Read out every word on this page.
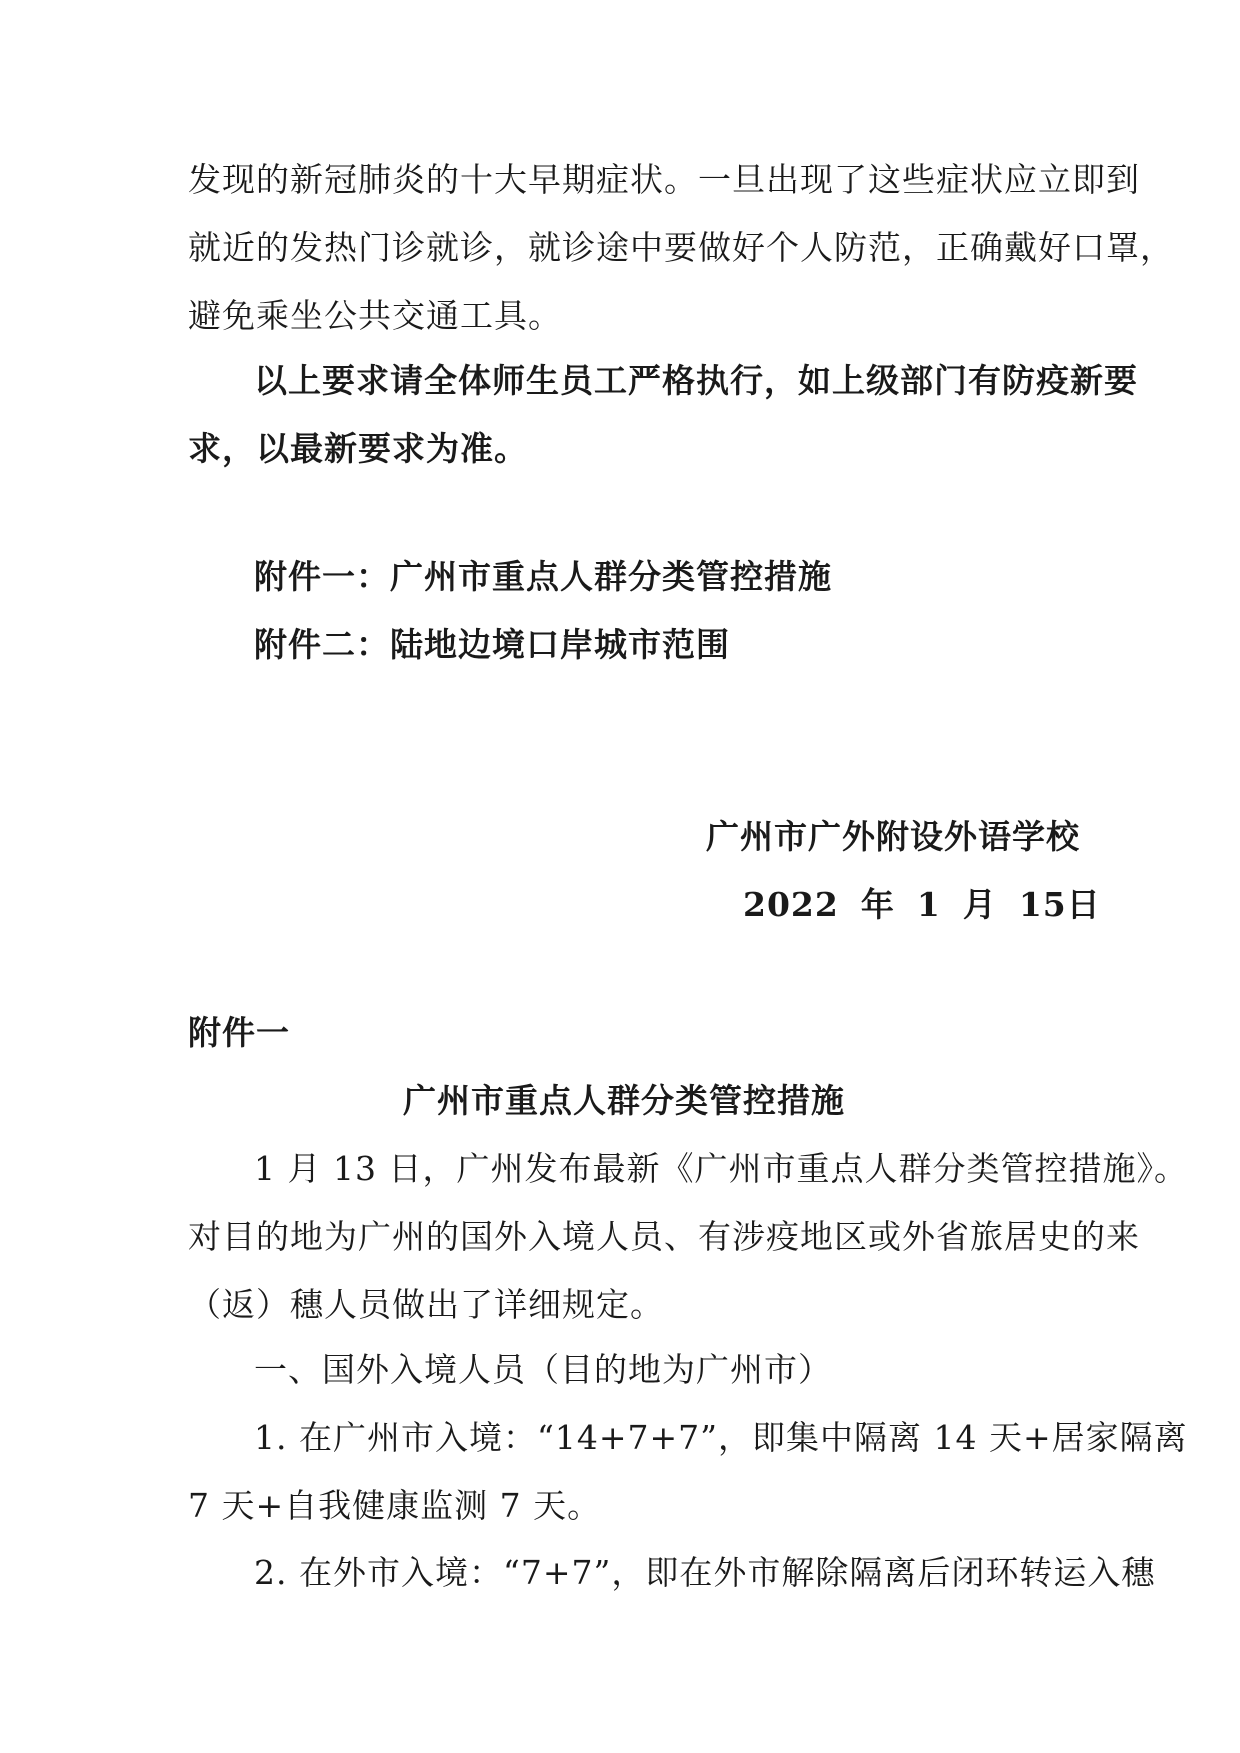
发现的新冠肺炎的十大早期症状。一旦出现了这些症状应立即到
就近的发热门诊就诊，就诊途中要做好个人防范，正确戴好口罩，
避免乘坐公共交通工具。
以上要求请全体师生员工严格执行，如上级部门有防疫新要
求，以最新要求为准。
附件一：广州市重点人群分类管控措施
附件二：陆地边境口岸城市范围
广州市广外附设外语学校
2022 年 1 月 15日
附件一
广州市重点人群分类管控措施
1 月 13 日，广州发布最新《广州市重点人群分类管控措施》。
对目的地为广州的国外入境人员、有涉疫地区或外省旅居史的来
（返）穗人员做出了详细规定。
一、国外入境人员（目的地为广州市）
1. 在广州市入境：“14+7+7”，即集中隔离 14 天+居家隔离
7 天+自我健康监测 7 天。
2. 在外市入境：“7+7”，即在外市解除隔离后闭环转运入穗
